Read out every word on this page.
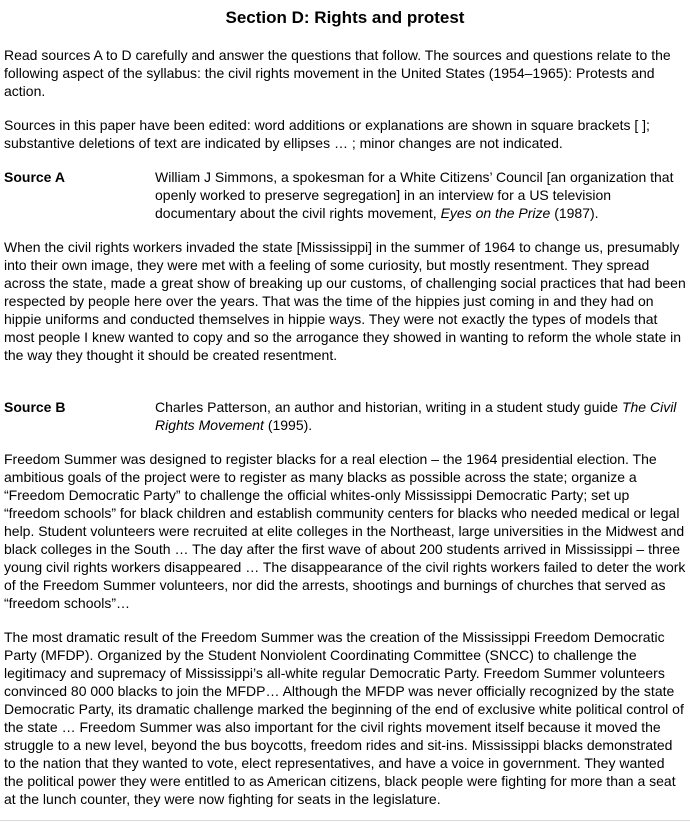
Section D: Rights and protest

Read sources A to D carefully and answer the questions that follow. The sources and questions relate to the following aspect of the syllabus: the civil rights movement in the United States (1954–1965): Protests and action.

Sources in this paper have been edited: word additions or explanations are shown in square brackets [ ]; substantive deletions of text are indicated by ellipses … ; minor changes are not indicated.

Source A	William J Simmons, a spokesman for a White Citizens’ Council [an organization that openly worked to preserve segregation] in an interview for a US television documentary about the civil rights movement, Eyes on the Prize (1987).

When the civil rights workers invaded the state [Mississippi] in the summer of 1964 to change us, presumably into their own image, they were met with a feeling of some curiosity, but mostly resentment. They spread across the state, made a great show of breaking up our customs, of challenging social practices that had been respected by people here over the years. That was the time of the hippies just coming in and they had on hippie uniforms and conducted themselves in hippie ways. They were not exactly the types of models that most people I knew wanted to copy and so the arrogance they showed in wanting to reform the whole state in the way they thought it should be created resentment.

Source B	Charles Patterson, an author and historian, writing in a student study guide The Civil Rights Movement (1995).

Freedom Summer was designed to register blacks for a real election – the 1964 presidential election. The ambitious goals of the project were to register as many blacks as possible across the state; organize a “Freedom Democratic Party” to challenge the official whites-only Mississippi Democratic Party; set up “freedom schools” for black children and establish community centers for blacks who needed medical or legal help. Student volunteers were recruited at elite colleges in the Northeast, large universities in the Midwest and black colleges in the South … The day after the first wave of about 200 students arrived in Mississippi – three young civil rights workers disappeared … The disappearance of the civil rights workers failed to deter the work of the Freedom Summer volunteers, nor did the arrests, shootings and burnings of churches that served as “freedom schools”…

The most dramatic result of the Freedom Summer was the creation of the Mississippi Freedom Democratic Party (MFDP). Organized by the Student Nonviolent Coordinating Committee (SNCC) to challenge the legitimacy and supremacy of Mississippi’s all-white regular Democratic Party. Freedom Summer volunteers convinced 80 000 blacks to join the MFDP… Although the MFDP was never officially recognized by the state Democratic Party, its dramatic challenge marked the beginning of the end of exclusive white political control of the state … Freedom Summer was also important for the civil rights movement itself because it moved the struggle to a new level, beyond the bus boycotts, freedom rides and sit-ins. Mississippi blacks demonstrated to the nation that they wanted to vote, elect representatives, and have a voice in government. They wanted the political power they were entitled to as American citizens, black people were fighting for more than a seat at the lunch counter, they were now fighting for seats in the legislature.
